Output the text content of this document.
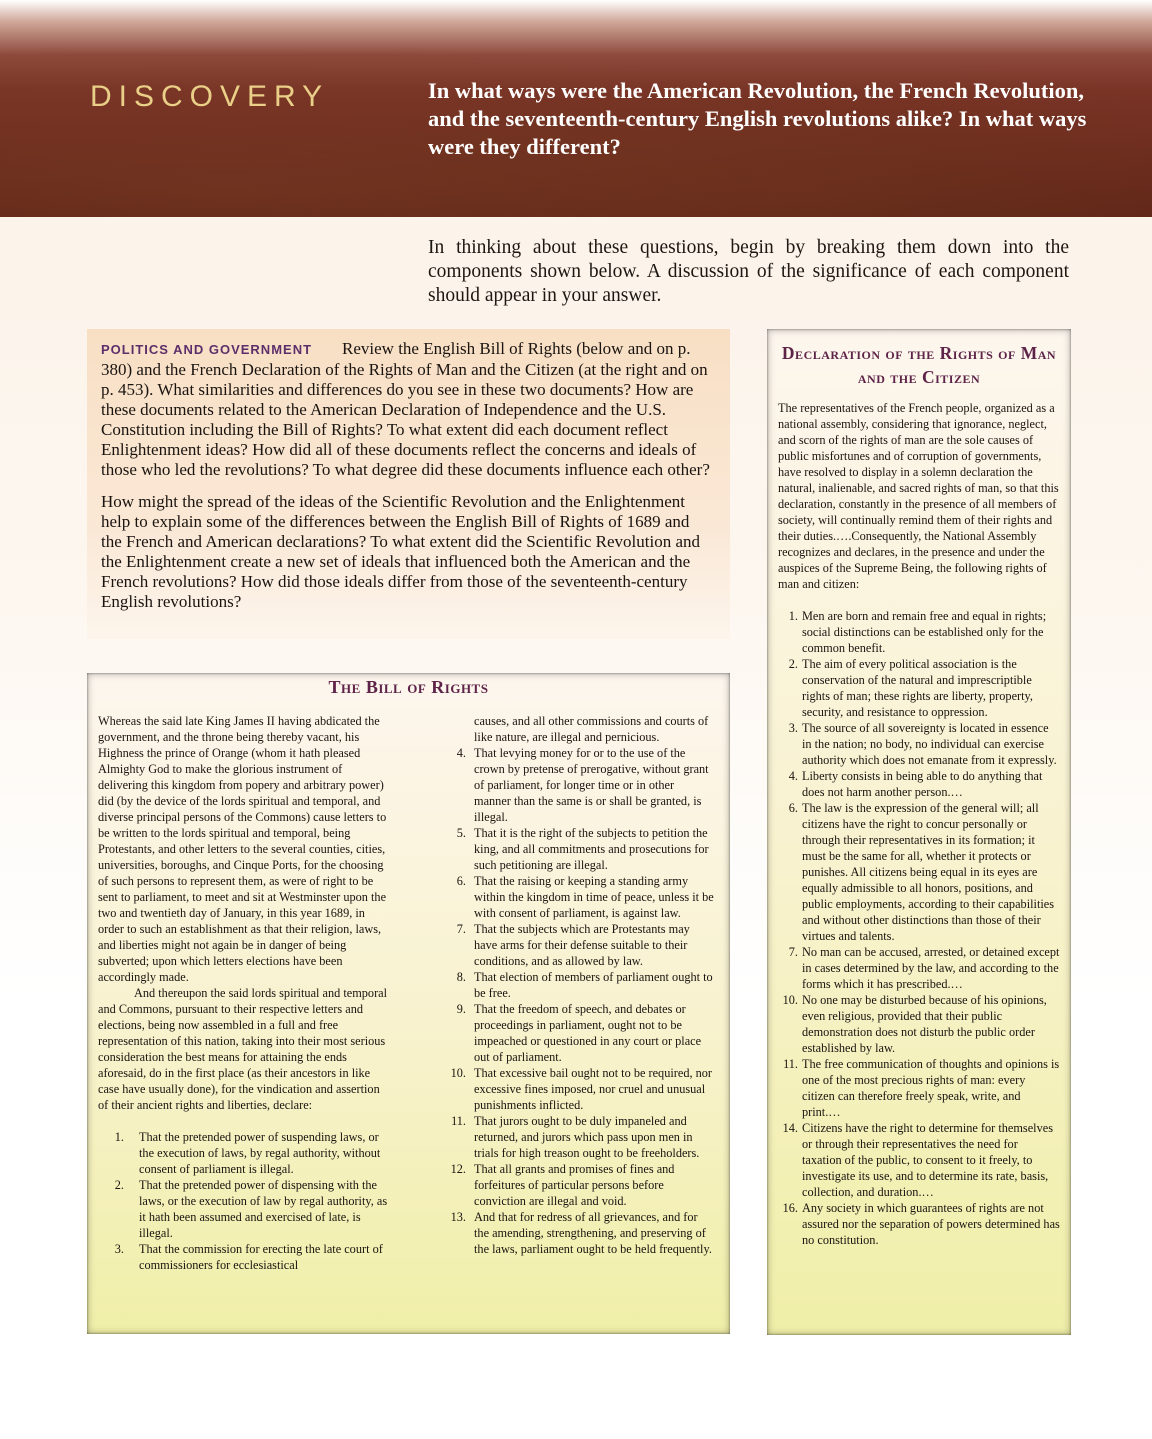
DISCOVERY	In what ways were the American Revolution, the French Revolution, and the seventeenth-century English revolutions alike? In what ways were they different?

In thinking about these questions, begin by breaking them down into the components shown below. A discussion of the significance of each component should appear in your answer.

POLITICS AND GOVERNMENT Review the English Bill of Rights (below and on p. 380) and the French Declaration of the Rights of Man and the Citizen (at the right and on p. 453). What similarities and differences do you see in these two documents? How are these documents related to the American Declaration of Independence and the U.S. Constitution including the Bill of Rights? To what extent did each document reflect Enlightenment ideas? How did all of these documents reflect the concerns and ideals of those who led the revolutions? To what degree did these documents influence each other?

How might the spread of the ideas of the Scientific Revolution and the Enlightenment help to explain some of the differences between the English Bill of Rights of 1689 and the French and American declarations? To what extent did the Scientific Revolution and the Enlightenment create a new set of ideals that influenced both the American and the French revolutions? How did those ideals differ from those of the seventeenth-century English revolutions?

The Bill of Rights

Whereas the said late King James II having abdicated the government, and the throne being thereby vacant, his Highness the prince of Orange (whom it hath pleased Almighty God to make the glorious instrument of delivering this kingdom from popery and arbitrary power) did (by the device of the lords spiritual and temporal, and diverse principal persons of the Commons) cause letters to be written to the lords spiritual and temporal, being Protestants, and other letters to the several counties, cities, universities, boroughs, and Cinque Ports, for the choosing of such persons to represent them, as were of right to be sent to parliament, to meet and sit at Westminster upon the two and twentieth day of January, in this year 1689, in order to such an establishment as that their religion, laws, and liberties might not again be in danger of being subverted; upon which letters elections have been accordingly made.

And thereupon the said lords spiritual and temporal and Commons, pursuant to their respective letters and elections, being now assembled in a full and free representation of this nation, taking into their most serious consideration the best means for attaining the ends aforesaid, do in the first place (as their ancestors in like case have usually done), for the vindication and assertion of their ancient rights and liberties, declare:

1. That the pretended power of suspending laws, or the execution of laws, by regal authority, without consent of parliament is illegal.
2. That the pretended power of dispensing with the laws, or the execution of law by regal authority, as it hath been assumed and exercised of late, is illegal.
3. That the commission for erecting the late court of commissioners for ecclesiastical
causes, and all other commissions and courts of like nature, are illegal and pernicious.
4. That levying money for or to the use of the crown by pretense of prerogative, without grant of parliament, for longer time or in other manner than the same is or shall be granted, is illegal.
5. That it is the right of the subjects to petition the king, and all commitments and prosecutions for such petitioning are illegal.
6. That the raising or keeping a standing army within the kingdom in time of peace, unless it be with consent of parliament, is against law.
7. That the subjects which are Protestants may have arms for their defense suitable to their conditions, and as allowed by law.
8. That election of members of parliament ought to be free.
9. That the freedom of speech, and debates or proceedings in parliament, ought not to be impeached or questioned in any court or place out of parliament.
10. That excessive bail ought not to be required, nor excessive fines imposed, nor cruel and unusual punishments inflicted.
11. That jurors ought to be duly impaneled and returned, and jurors which pass upon men in trials for high treason ought to be freeholders.
12. That all grants and promises of fines and forfeitures of particular persons before conviction are illegal and void.
13. And that for redress of all grievances, and for the amending, strengthening, and preserving of the laws, parliament ought to be held frequently.
Declaration of the Rights of Man and the Citizen

The representatives of the French people, organized as a national assembly, considering that ignorance, neglect, and scorn of the rights of man are the sole causes of public misfortunes and of corruption of governments, have resolved to display in a solemn declaration the natural, inalienable, and sacred rights of man, so that this declaration, constantly in the presence of all members of society, will continually remind them of their rights and their duties.….Consequently, the National Assembly recognizes and declares, in the presence and under the auspices of the Supreme Being, the following rights of man and citizen:

1. Men are born and remain free and equal in rights; social distinctions can be established only for the common benefit.
2. The aim of every political association is the conservation of the natural and imprescriptible rights of man; these rights are liberty, property, security, and resistance to oppression.
3. The source of all sovereignty is located in essence in the nation; no body, no individual can exercise authority which does not emanate from it expressly.
4. Liberty consists in being able to do anything that does not harm another person.…
6. The law is the expression of the general will; all citizens have the right to concur personally or through their representatives in its formation; it must be the same for all, whether it protects or punishes. All citizens being equal in its eyes are equally admissible to all honors, positions, and public employments, according to their capabilities and without other distinctions than those of their virtues and talents.
7. No man can be accused, arrested, or detained except in cases determined by the law, and according to the forms which it has prescribed.…
10. No one may be disturbed because of his opinions, even religious, provided that their public demonstration does not disturb the public order established by law.
11. The free communication of thoughts and opinions is one of the most precious rights of man: every citizen can therefore freely speak, write, and print.…
14. Citizens have the right to determine for themselves or through their representatives the need for taxation of the public, to consent to it freely, to investigate its use, and to determine its rate, basis, collection, and duration.…
16. Any society in which guarantees of rights are not assured nor the separation of powers determined has no constitution.
